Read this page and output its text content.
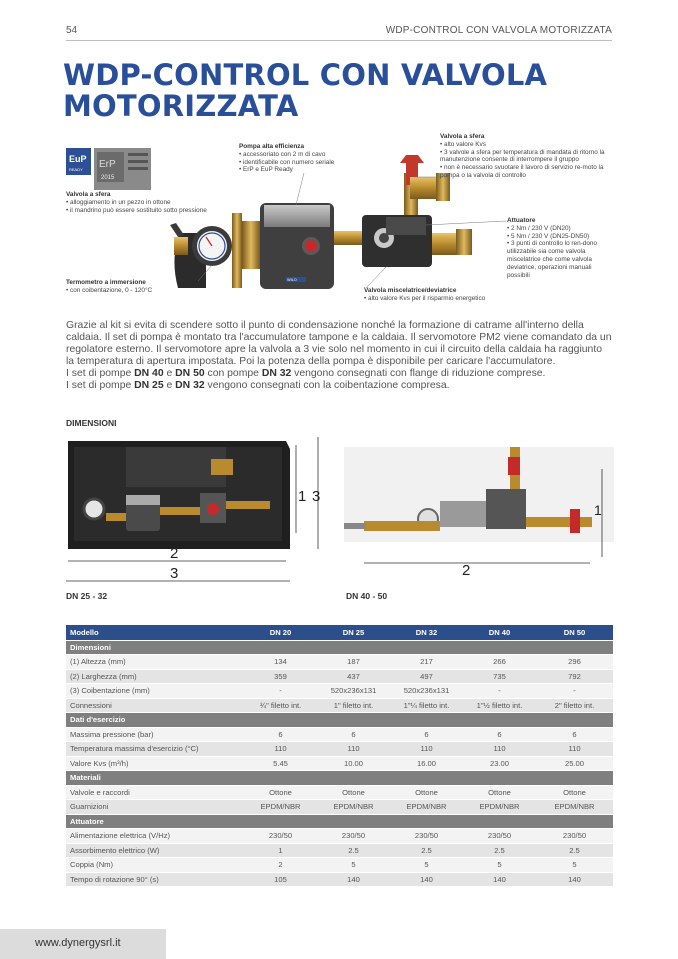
54	WDP-CONTROL CON VALVOLA MOTORIZZATA
WDP-CONTROL CON VALVOLA
MOTORIZZATA
EuP
READY ErP
2015
WILO
Pompa alta efficienza
• accessoriato con 2 m di cavo
• identificabile con numero seriale
• ErP e EuP Ready
Valvola a sfera
• alto valore Kvs
• 3 valvole a sfera per temperatura di mandata di ritorno la manutenzione consente di interrompere il gruppo
• non è necessario svuotare il lavoro di servizio re-moto la pompa o la valvola di controllo
Valvola a sfera
• alloggiamento in un pezzo in ottone
• il mandrino può essere sostituito sotto pressione
Attuatore
• 2 Nm / 230 V (DN20)
• 5 Nm / 230 V (DN25-DN50)
• 3 punti di controllo lo ren-dono utilizzabile sia come valvola miscelatrice che come valvola deviatrice, operazioni manuali possibili
Termometro a immersione
• con coibentazione, 0 - 120°C	Valvola miscelatrice/deviatrice
• alto valore Kvs per il risparmio energetico

Grazie al kit si evita di scendere sotto il punto di condensazione nonché la formazione di catrame all'interno della caldaia. Il set di pompa è montato tra l'accumulatore tampone e la caldaia. Il servomotore PM2 viene comandato da un regolatore esterno. Il servomotore apre la valvola a 3 vie solo nel momento in cui il circuito della caldaia ha raggiunto la temperatura di apertura impostata. Poi la potenza della pompa è disponibile per caricare l'accumulatore.

I set di pompe DN 40 e DN 50 con pompe DN 32 vengono consegnati con flange di riduzione comprese.

I set di pompe DN 25 e DN 32 vengono consegnati con la coibentazione compresa.

DIMENSIONI
1 3
2
3
DN 25 - 32
1
2
DN 40 - 50
Modello	DN 20	DN 25	DN 32	DN 40	DN 50
Dimensioni					
(1) Altezza (mm)	134	187	217	266	296
(2) Larghezza (mm)	359	437	497	735	792
(3) Coibentazione (mm)	-	520x236x131	520x236x131	-	-
Connessioni	¾" filetto int.	1" filetto int.	1"¼ filetto int.	1"½ filetto int.	2" filetto int.
Dati d'esercizio					
Massima pressione (bar)	6	6	6	6	6
Temperatura massima d'esercizio (°C)	110	110	110	110	110
Valore Kvs (m³/h)	5.45	10.00	16.00	23.00	25.00
Materiali					
Valvole e raccordi	Ottone	Ottone	Ottone	Ottone	Ottone
Guarnizioni	EPDM/NBR	EPDM/NBR	EPDM/NBR	EPDM/NBR	EPDM/NBR
Attuatore					
Alimentazione elettrica (V/Hz)	230/50	230/50	230/50	230/50	230/50
Assorbimento elettrico (W)	1	2.5	2.5	2.5	2.5
Coppia (Nm)	2	5	5	5	5
Tempo di rotazione 90° (s)	105	140	140	140	140
www.dynergysrl.it
